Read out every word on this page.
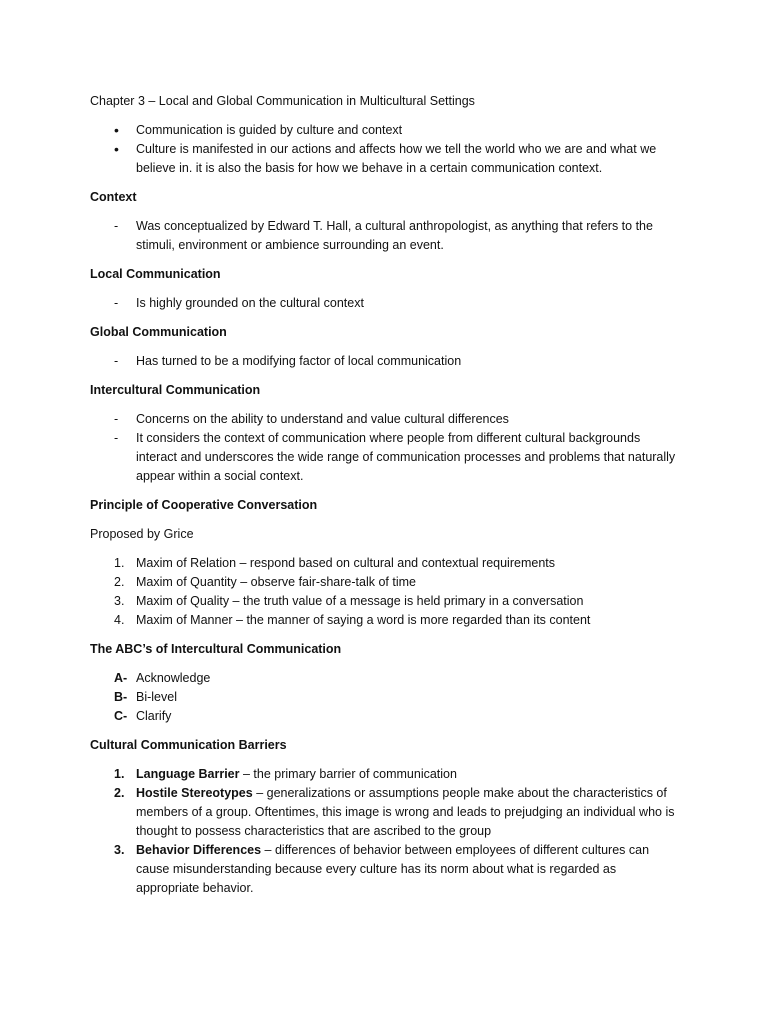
Chapter 3 – Local and Global Communication in Multicultural Settings

•	Communication is guided by culture and context
•	Culture is manifested in our actions and affects how we tell the world who we are and what we believe in. it is also the basis for how we behave in a certain communication context.

Context

-	Was conceptualized by Edward T. Hall, a cultural anthropologist, as anything that refers to the stimuli, environment or ambience surrounding an event.

Local Communication

-	Is highly grounded on the cultural context

Global Communication

-	Has turned to be a modifying factor of local communication

Intercultural Communication

-	Concerns on the ability to understand and value cultural differences
-	It considers the context of communication where people from different cultural backgrounds interact and underscores the wide range of communication processes and problems that naturally appear within a social context.

Principle of Cooperative Conversation

Proposed by Grice

1. Maxim of Relation – respond based on cultural and contextual requirements
2. Maxim of Quantity – observe fair-share-talk of time
3. Maxim of Quality – the truth value of a message is held primary in a conversation
4. Maxim of Manner – the manner of saying a word is more regarded than its content

The ABC’s of Intercultural Communication

A- Acknowledge
B- Bi-level
C- Clarify

Cultural Communication Barriers

1. Language Barrier – the primary barrier of communication
2. Hostile Stereotypes – generalizations or assumptions people make about the characteristics of members of a group. Oftentimes, this image is wrong and leads to prejudging an individual who is thought to possess characteristics that are ascribed to the group
3. Behavior Differences – differences of behavior between employees of different cultures can cause misunderstanding because every culture has its norm about what is regarded as appropriate behavior.
